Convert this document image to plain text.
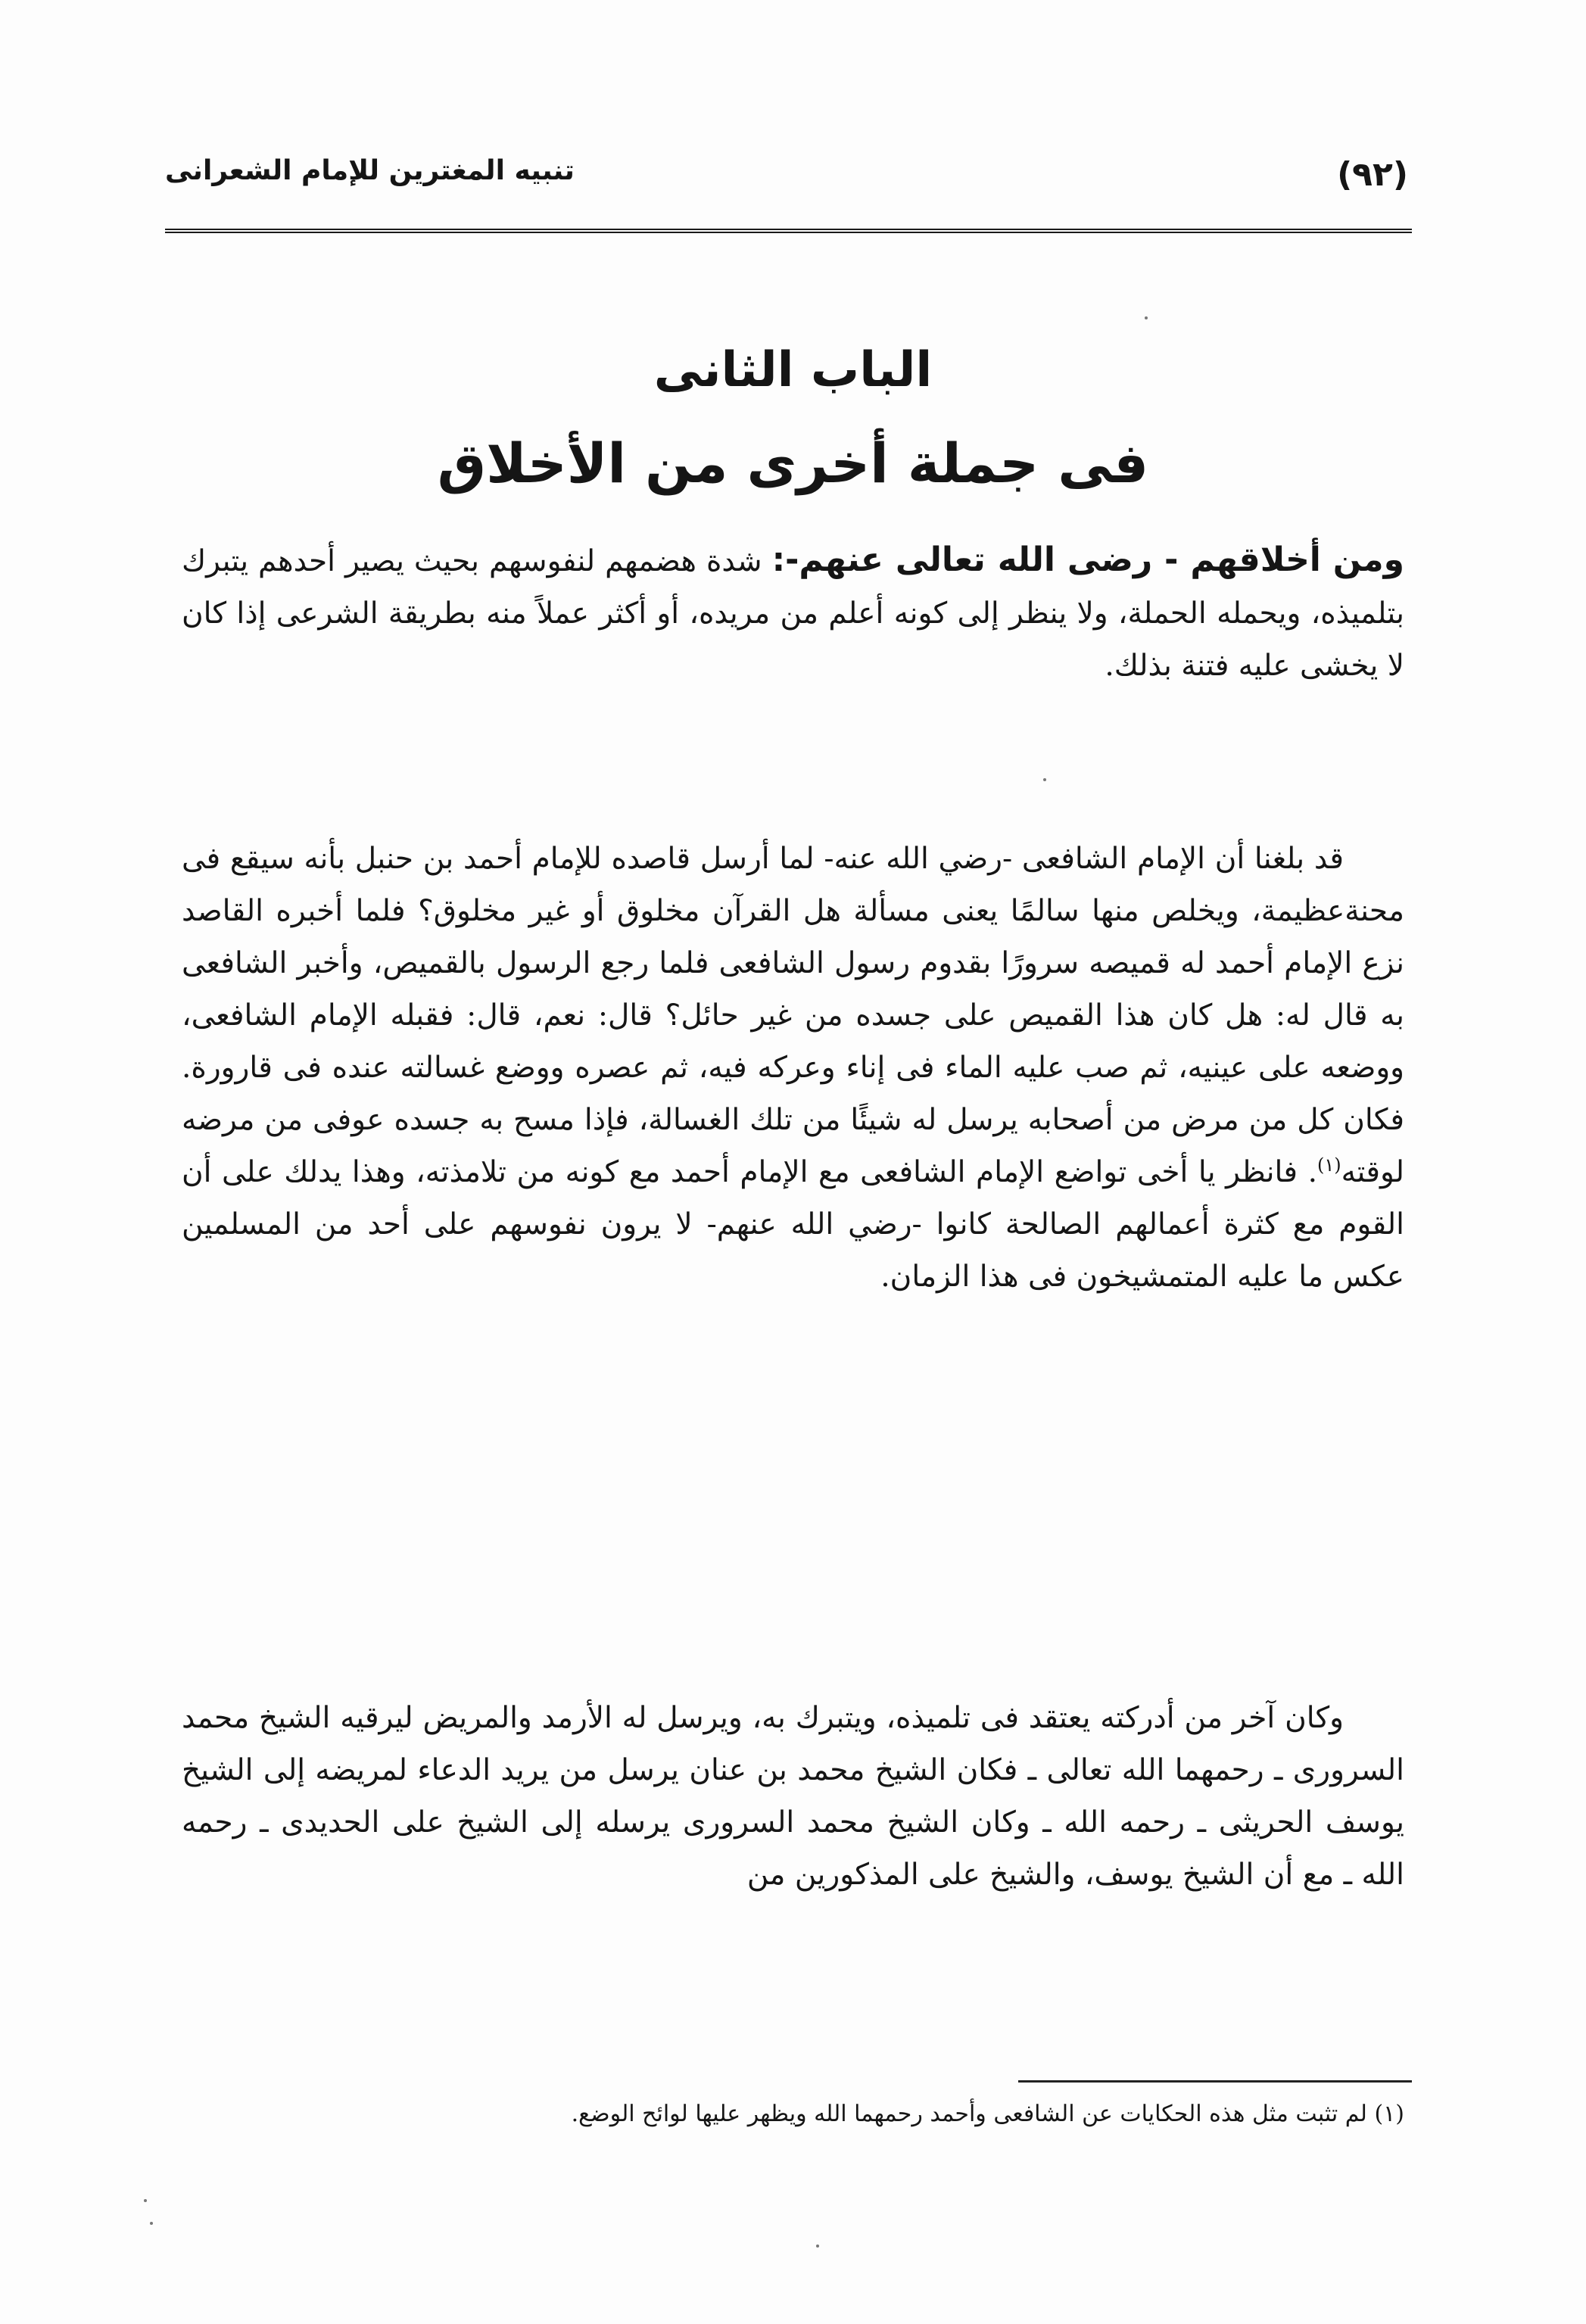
(٩٢)
تنبيه المغترين للإمام الشعرانى
الباب الثانى
فى جملة أخرى من الأخلاق
ومن أخلاقهم - رضى الله تعالى عنهم-: شدة هضمهم لنفوسهم بحيث يصير أحدهم يتبرك بتلميذه، ويحمله الحملة، ولا ينظر إلى كونه أعلم من مريده، أو أكثر عملاً منه بطريقة الشرعى إذا كان لا يخشى عليه فتنة بذلك.
قد بلغنا أن الإمام الشافعى -رضي الله عنه- لما أرسل قاصده للإمام أحمد بن حنبل بأنه سيقع فى محنةعظيمة، ويخلص منها سالمًا يعنى مسألة هل القرآن مخلوق أو غير مخلوق؟ فلما أخبره القاصد نزع الإمام أحمد له قميصه سرورًا بقدوم رسول الشافعى فلما رجع الرسول بالقميص، وأخبر الشافعى به قال له: هل كان هذا القميص على جسده من غير حائل؟ قال: نعم، قال: فقبله الإمام الشافعى، ووضعه على عينيه، ثم صب عليه الماء فى إناء وعركه فيه، ثم عصره ووضع غسالته عنده فى قارورة. فكان كل من مرض من أصحابه يرسل له شيئًا من تلك الغسالة، فإذا مسح به جسده عوفى من مرضه لوقته$^{(١)}$. فانظر يا أخى تواضع الإمام الشافعى مع الإمام أحمد مع كونه من تلامذته، وهذا يدلك على أن القوم مع كثرة أعمالهم الصالحة كانوا -رضي الله عنهم- لا يرون نفوسهم على أحد من المسلمين عكس ما عليه المتمشيخون فى هذا الزمان.
وكان آخر من أدركته يعتقد فى تلميذه، ويتبرك به، ويرسل له الأرمد والمريض ليرقيه الشيخ محمد السرورى ـ رحمهما الله تعالى ـ فكان الشيخ محمد بن عنان يرسل من يريد الدعاء لمريضه إلى الشيخ يوسف الحريثى ـ رحمه الله ـ وكان الشيخ محمد السرورى يرسله إلى الشيخ على الحديدى ـ رحمه الله ـ مع أن الشيخ يوسف، والشيخ على المذكورين من
(١) لم تثبت مثل هذه الحكايات عن الشافعى وأحمد رحمهما الله ويظهر عليها لوائح الوضع.
